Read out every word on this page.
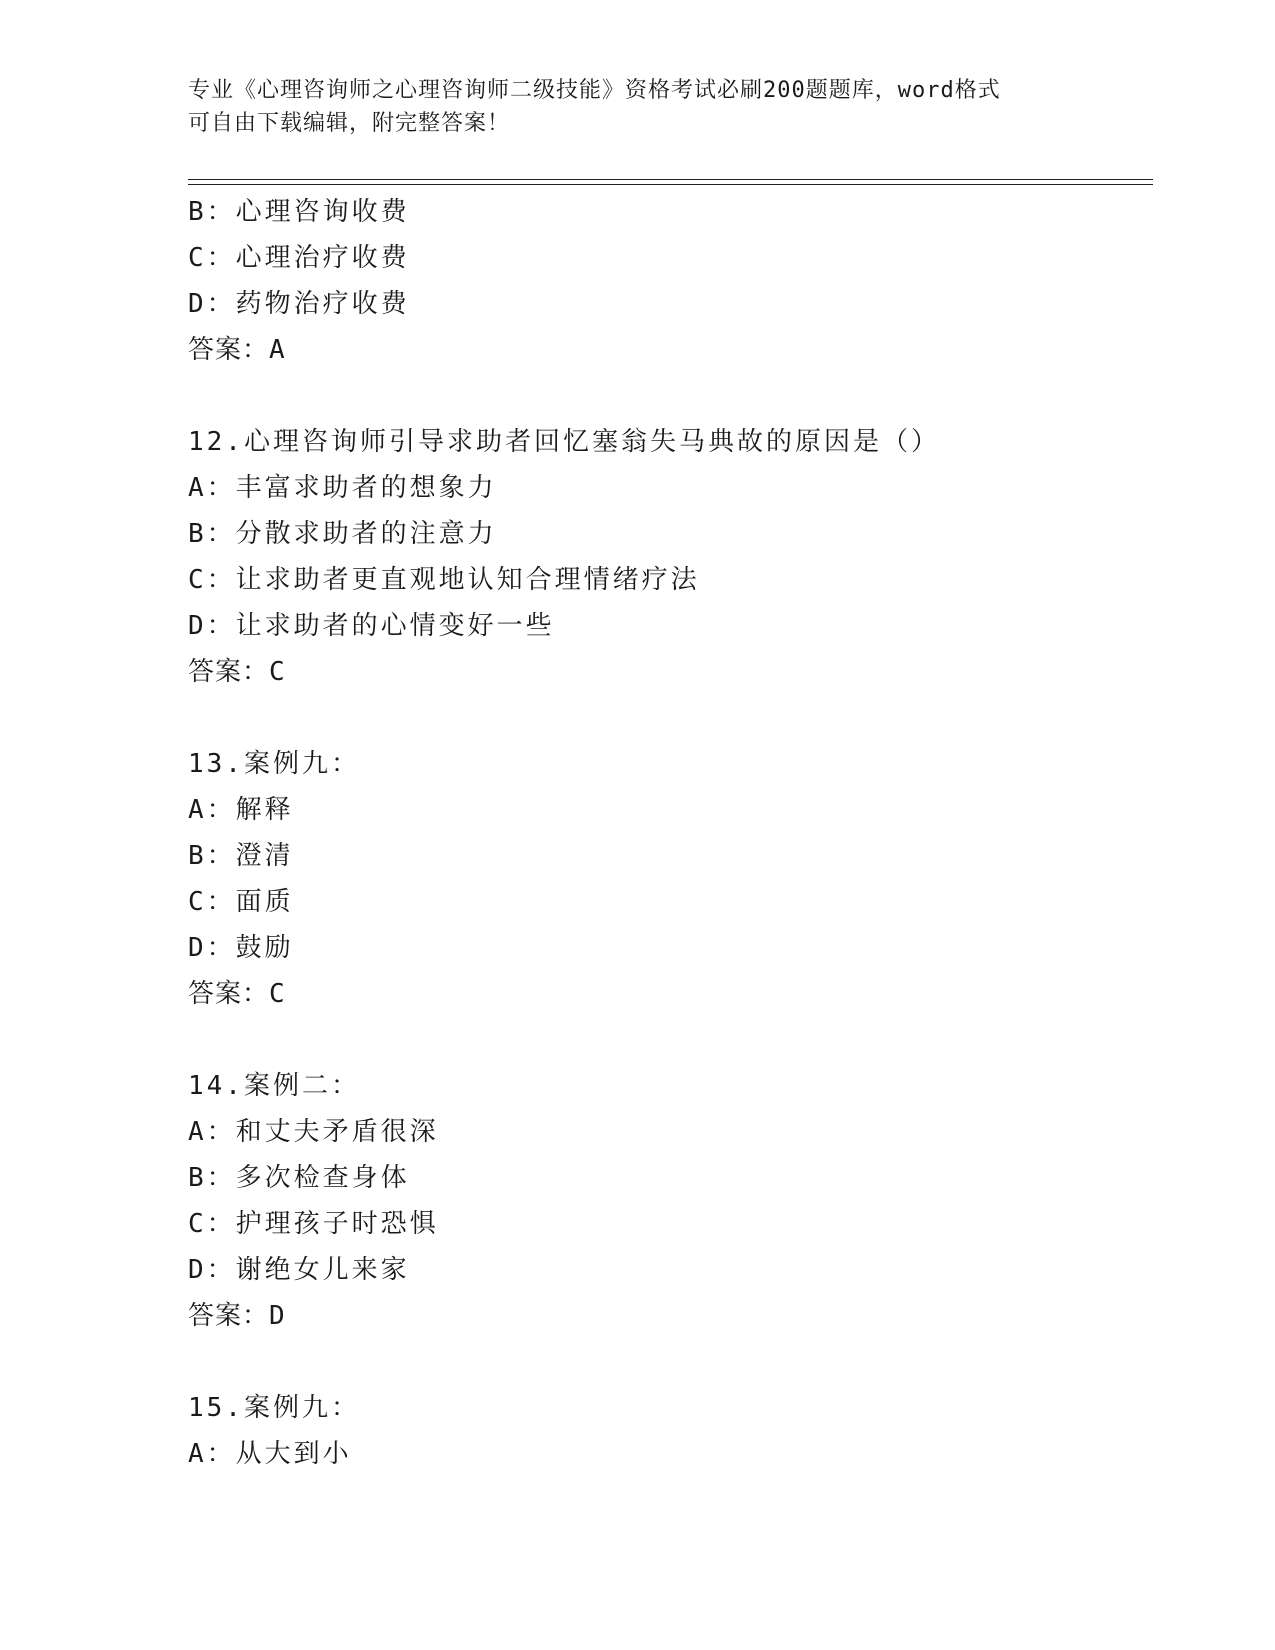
专业《心理咨询师之心理咨询师二级技能》资格考试必刷200题题库，word格式
可自由下载编辑，附完整答案！
B：心理咨询收费
C：心理治疗收费
D：药物治疗收费
答案：A
12.心理咨询师引导求助者回忆塞翁失马典故的原因是（）
A：丰富求助者的想象力
B：分散求助者的注意力
C：让求助者更直观地认知合理情绪疗法
D：让求助者的心情变好一些
答案：C
13.案例九：
A：解释
B：澄清
C：面质
D：鼓励
答案：C
14.案例二：
A：和丈夫矛盾很深
B：多次检查身体
C：护理孩子时恐惧
D：谢绝女儿来家
答案：D
15.案例九：
A：从大到小
